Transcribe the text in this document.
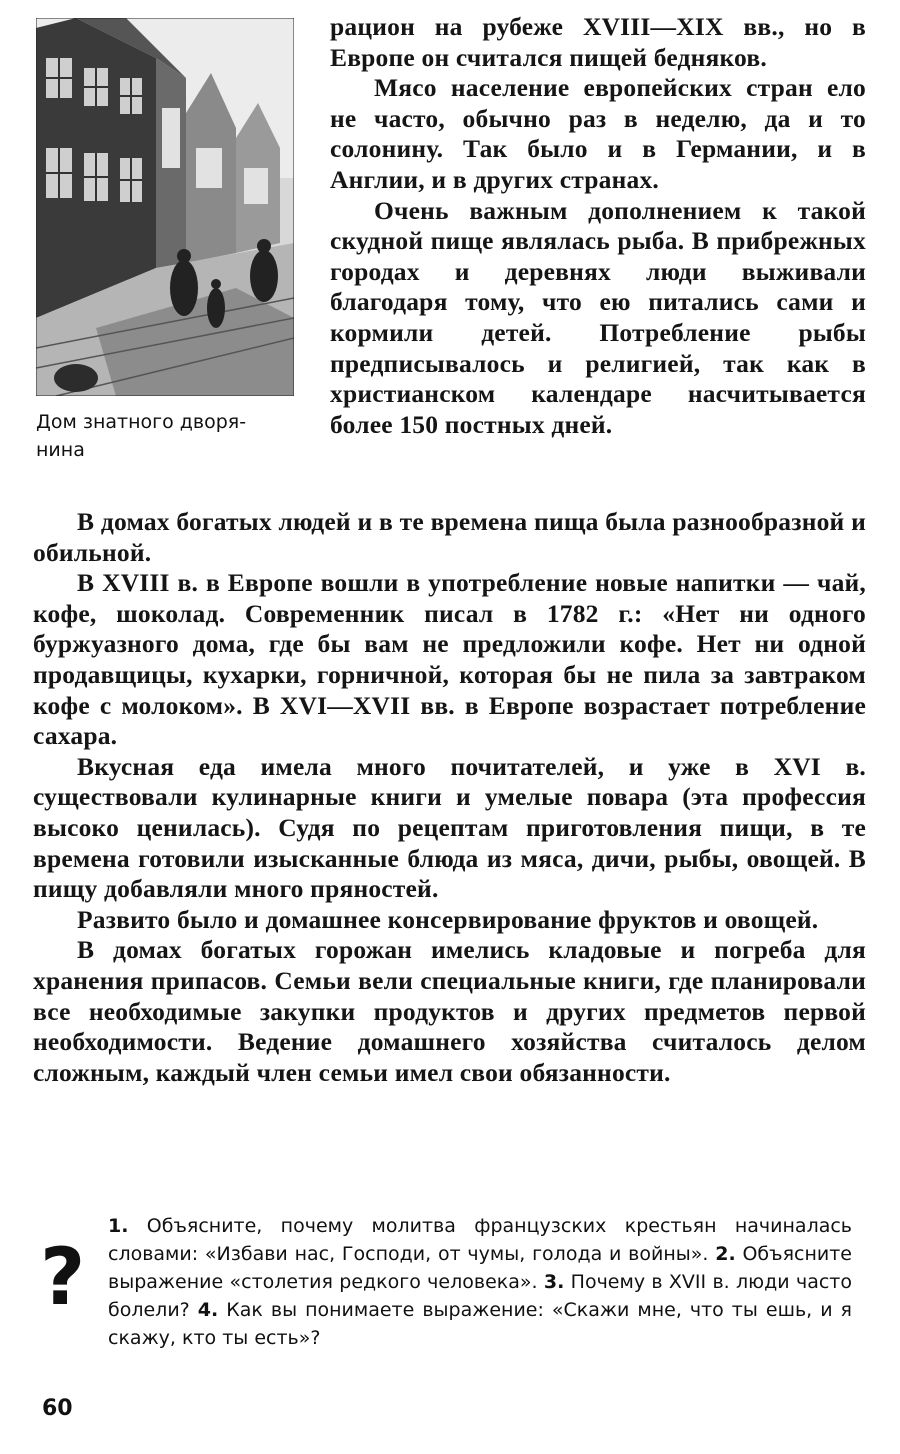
Дом знатного дворя-
нина

рацион на рубеже XVIII—XIX вв., но в Европе он считался пищей бедняков.

Мясо население европейских стран ело не часто, обычно раз в неделю, да и то солонину. Так было и в Германии, и в Англии, и в других странах.

Очень важным дополнением к такой скудной пище являлась рыба. В прибрежных городах и деревнях люди выживали благодаря тому, что ею питались сами и кормили детей. Потребление рыбы предписывалось и религией, так как в христианском календаре насчитывается более 150 постных дней.

В домах богатых людей и в те времена пища была разнообразной и обильной.

В XVIII в. в Европе вошли в употребление новые напитки — чай, кофе, шоколад. Современник писал в 1782 г.: «Нет ни одного буржуазного дома, где бы вам не предложили кофе. Нет ни одной продавщицы, кухарки, горничной, которая бы не пила за завтраком кофе с молоком». В XVI—XVII вв. в Европе возрастает потребление сахара.

Вкусная еда имела много почитателей, и уже в XVI в. существовали кулинарные книги и умелые повара (эта профессия высоко ценилась). Судя по рецептам приготовления пищи, в те времена готовили изысканные блюда из мяса, дичи, рыбы, овощей. В пищу добавляли много пряностей.

Развито было и домашнее консервирование фруктов и овощей.

В домах богатых горожан имелись кладовые и погреба для хранения припасов. Семьи вели специальные книги, где планировали все необходимые закупки продуктов и других предметов первой необходимости. Ведение домашнего хозяйства считалось делом сложным, каждый член семьи имел свои обязанности.

?
1. Объясните, почему молитва французских крестьян начиналась словами: «Избави нас, Господи, от чумы, голода и войны». 2. Объясните выражение «столетия редкого человека». 3. Почему в XVII в. люди часто болели? 4. Как вы понимаете выражение: «Скажи мне, что ты ешь, и я скажу, кто ты есть»?
60
